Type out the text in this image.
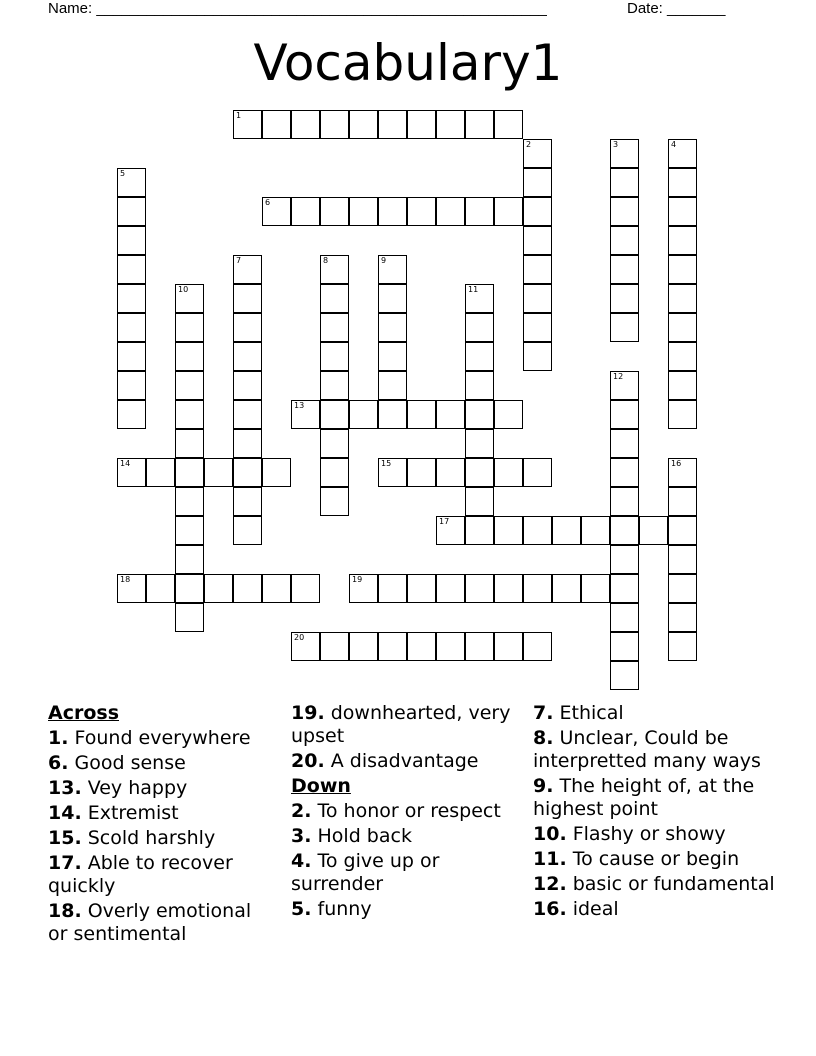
Name: ______________________________________________________	Date: _______
Vocabulary1
1
2	3	4
5
6
7	8	9
10	11
12
13
14	15	16
17
18	19
20
Across
1. Found everywhere
6. Good sense
13. Vey happy
14. Extremist
15. Scold harshly
17. Able to recover quickly
18. Overly emotional or sentimental
19. downhearted, very upset
20. A disadvantage
Down
2. To honor or respect
3. Hold back
4. To give up or surrender
5. funny
7. Ethical
8. Unclear, Could be interpretted many ways
9. The height of, at the highest point
10. Flashy or showy
11. To cause or begin
12. basic or fundamental
16. ideal
